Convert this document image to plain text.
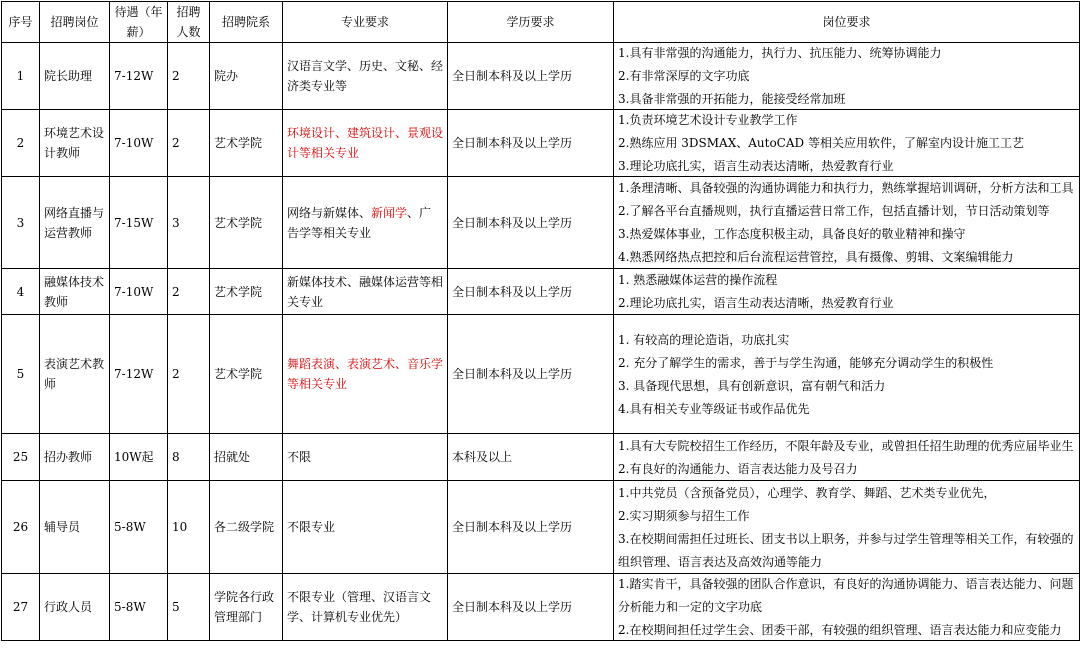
序号	招聘岗位	待遇（年薪）	招聘人数	招聘院系	专业要求	学历要求	岗位要求
1	院长助理	7-12W	2	院办	汉语言文学、历史、文秘、经济类专业等	全日制本科及以上学历	1.具有非常强的沟通能力，执行力、抗压能力、统筹协调能力
2.有非常深厚的文字功底
3.具备非常强的开拓能力，能接受经常加班

2	环境艺术设计教师	7-10W	2	艺术学院	环境设计、建筑设计、景观设计等相关专业	全日制本科及以上学历	1.负责环境艺术设计专业教学工作
2.熟练应用 3DSMAX、AutoCAD 等相关应用软件，了解室内设计施工工艺
3.理论功底扎实，语言生动表达清晰，热爱教育行业

3	网络直播与运营教师	7-15W	3	艺术学院	网络与新媒体、新闻学、广告学等相关专业	全日制本科及以上学历	1.条理清晰、具备较强的沟通协调能力和执行力，熟练掌握培训调研，分析方法和工具
2.了解各平台直播规则，执行直播运营日常工作，包括直播计划，节日活动策划等
3.热爱媒体事业，工作态度积极主动，具备良好的敬业精神和操守
4.熟悉网络热点把控和后台流程运营管控，具有摄像、剪辑、文案编辑能力

4	融媒体技术教师	7-10W	2	艺术学院	新媒体技术、融媒体运营等相关专业	全日制本科及以上学历	1. 熟悉融媒体运营的操作流程
2.理论功底扎实，语言生动表达清晰，热爱教育行业

5	表演艺术教师	7-12W	2	艺术学院	舞蹈表演、表演艺术、音乐学等相关专业	全日制本科及以上学历	1. 有较高的理论造诣，功底扎实
2. 充分了解学生的需求，善于与学生沟通，能够充分调动学生的积极性
3. 具备现代思想，具有创新意识，富有朝气和活力
4.具有相关专业等级证书或作品优先

25	招办教师	10W起	8	招就处	不限	本科及以上	1.具有大专院校招生工作经历，不限年龄及专业，或曾担任招生助理的优秀应届毕业生
2.有良好的沟通能力、语言表达能力及号召力

26	辅导员	5-8W	10	各二级学院	不限专业	全日制本科及以上学历	1.中共党员（含预备党员），心理学、教育学、舞蹈、艺术类专业优先，
2.实习期须参与招生工作
3.在校期间需担任过班长、团支书以上职务，并参与过学生管理等相关工作，有较强的
组织管理、语言表达及高效沟通等能力

27	行政人员	5-8W	5	学院各行政管理部门	不限专业（管理、汉语言文学、计算机专业优先）	全日制本科及以上学历	1.踏实肯干，具备较强的团队合作意识，有良好的沟通协调能力、语言表达能力、问题
分析能力和一定的文字功底
2.在校期间担任过学生会、团委干部，有较强的组织管理、语言表达能力和应变能力
